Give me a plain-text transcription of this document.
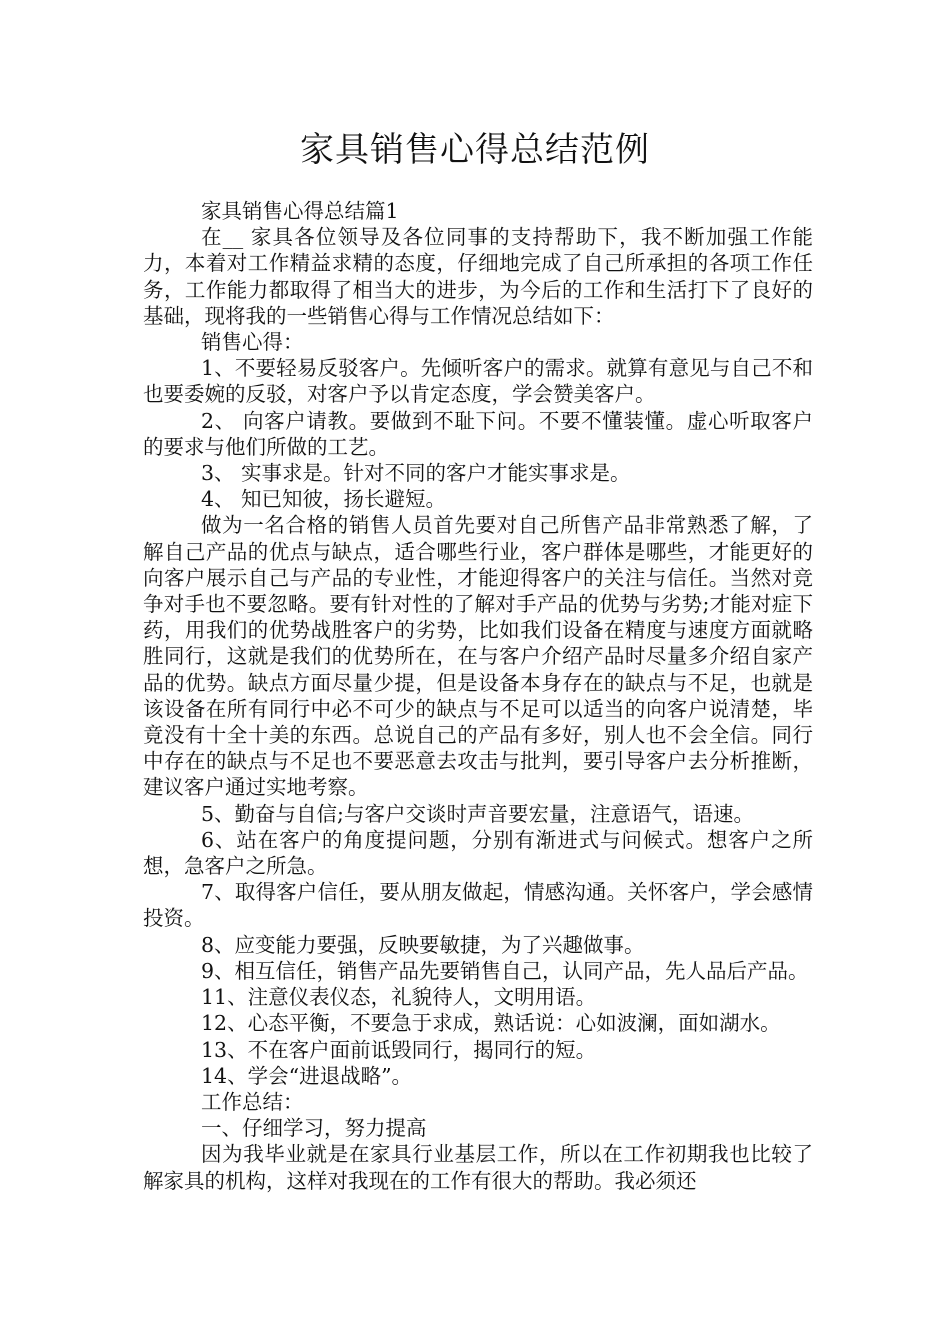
家具销售心得总结范例

家具销售心得总结篇1

在__ 家具各位领导及各位同事的支持帮助下，我不断加强工作能力，本着对工作精益求精的态度，仔细地完成了自己所承担的各项工作任务，工作能力都取得了相当大的进步，为今后的工作和生活打下了良好的基础，现将我的一些销售心得与工作情况总结如下：

销售心得：

1、不要轻易反驳客户。先倾听客户的需求。就算有意见与自己不和也要委婉的反驳，对客户予以肯定态度，学会赞美客户。

2、 向客户请教。要做到不耻下问。不要不懂装懂。虚心听取客户的要求与他们所做的工艺。

3、 实事求是。针对不同的客户才能实事求是。

4、 知已知彼，扬长避短。

做为一名合格的销售人员首先要对自己所售产品非常熟悉了解，了解自己产品的优点与缺点，适合哪些行业，客户群体是哪些，才能更好的向客户展示自己与产品的专业性，才能迎得客户的关注与信任。当然对竞争对手也不要忽略。要有针对性的了解对手产品的优势与劣势;才能对症下药，用我们的优势战胜客户的劣势，比如我们设备在精度与速度方面就略胜同行，这就是我们的优势所在，在与客户介绍产品时尽量多介绍自家产品的优势。缺点方面尽量少提，但是设备本身存在的缺点与不足，也就是该设备在所有同行中必不可少的缺点与不足可以适当的向客户说清楚，毕竟没有十全十美的东西。总说自己的产品有多好，别人也不会全信。同行中存在的缺点与不足也不要恶意去攻击与批判，要引导客户去分析推断，建议客户通过实地考察。

5、勤奋与自信;与客户交谈时声音要宏量，注意语气，语速。

6、站在客户的角度提问题，分别有渐进式与问候式。想客户之所想，急客户之所急。

7、取得客户信任，要从朋友做起，情感沟通。关怀客户，学会感情投资。

8、应变能力要强，反映要敏捷，为了兴趣做事。

9、相互信任，销售产品先要销售自己，认同产品，先人品后产品。

11、注意仪表仪态，礼貌待人，文明用语。

12、心态平衡，不要急于求成，熟话说：心如波澜，面如湖水。

13、不在客户面前诋毁同行，揭同行的短。

14、学会“进退战略”。

工作总结：

一、仔细学习，努力提高

因为我毕业就是在家具行业基层工作，所以在工作初期我也比较了解家具的机构，这样对我现在的工作有很大的帮助。我必须还
